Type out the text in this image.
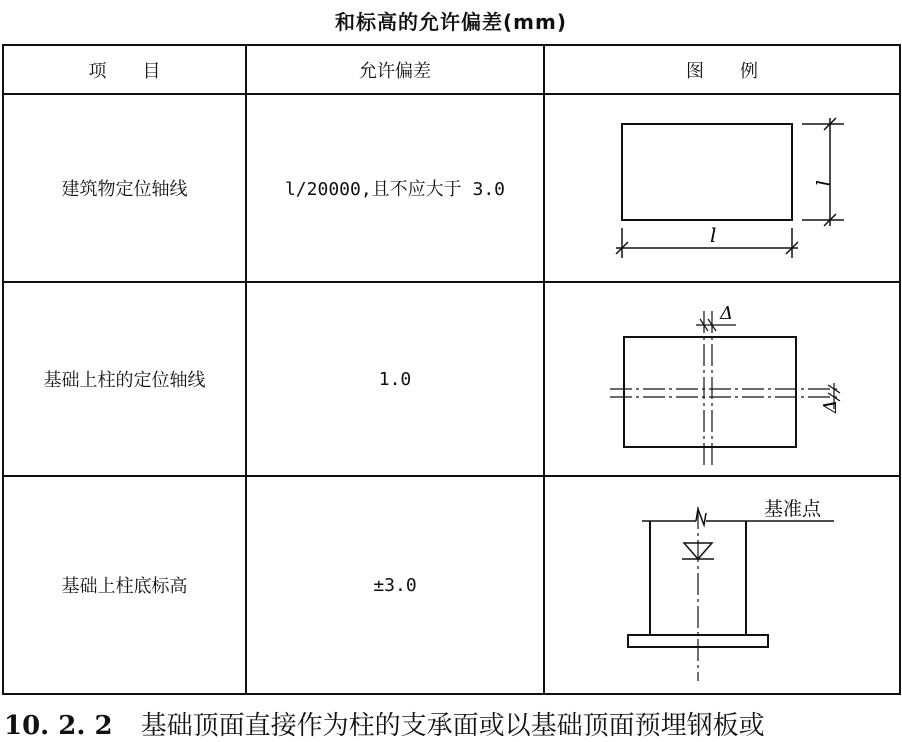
和标高的允许偏差(mm)
项　　目	允许偏差	图　　例
建筑物定位轴线	l/20000,且不应大于 3.0	l
l

基础上柱的定位轴线	1.0	Δ
Δ

基础上柱底标高	±3.0	基准点
10. 2. 2 基础顶面直接作为柱的支承面或以基础顶面预埋钢板或
